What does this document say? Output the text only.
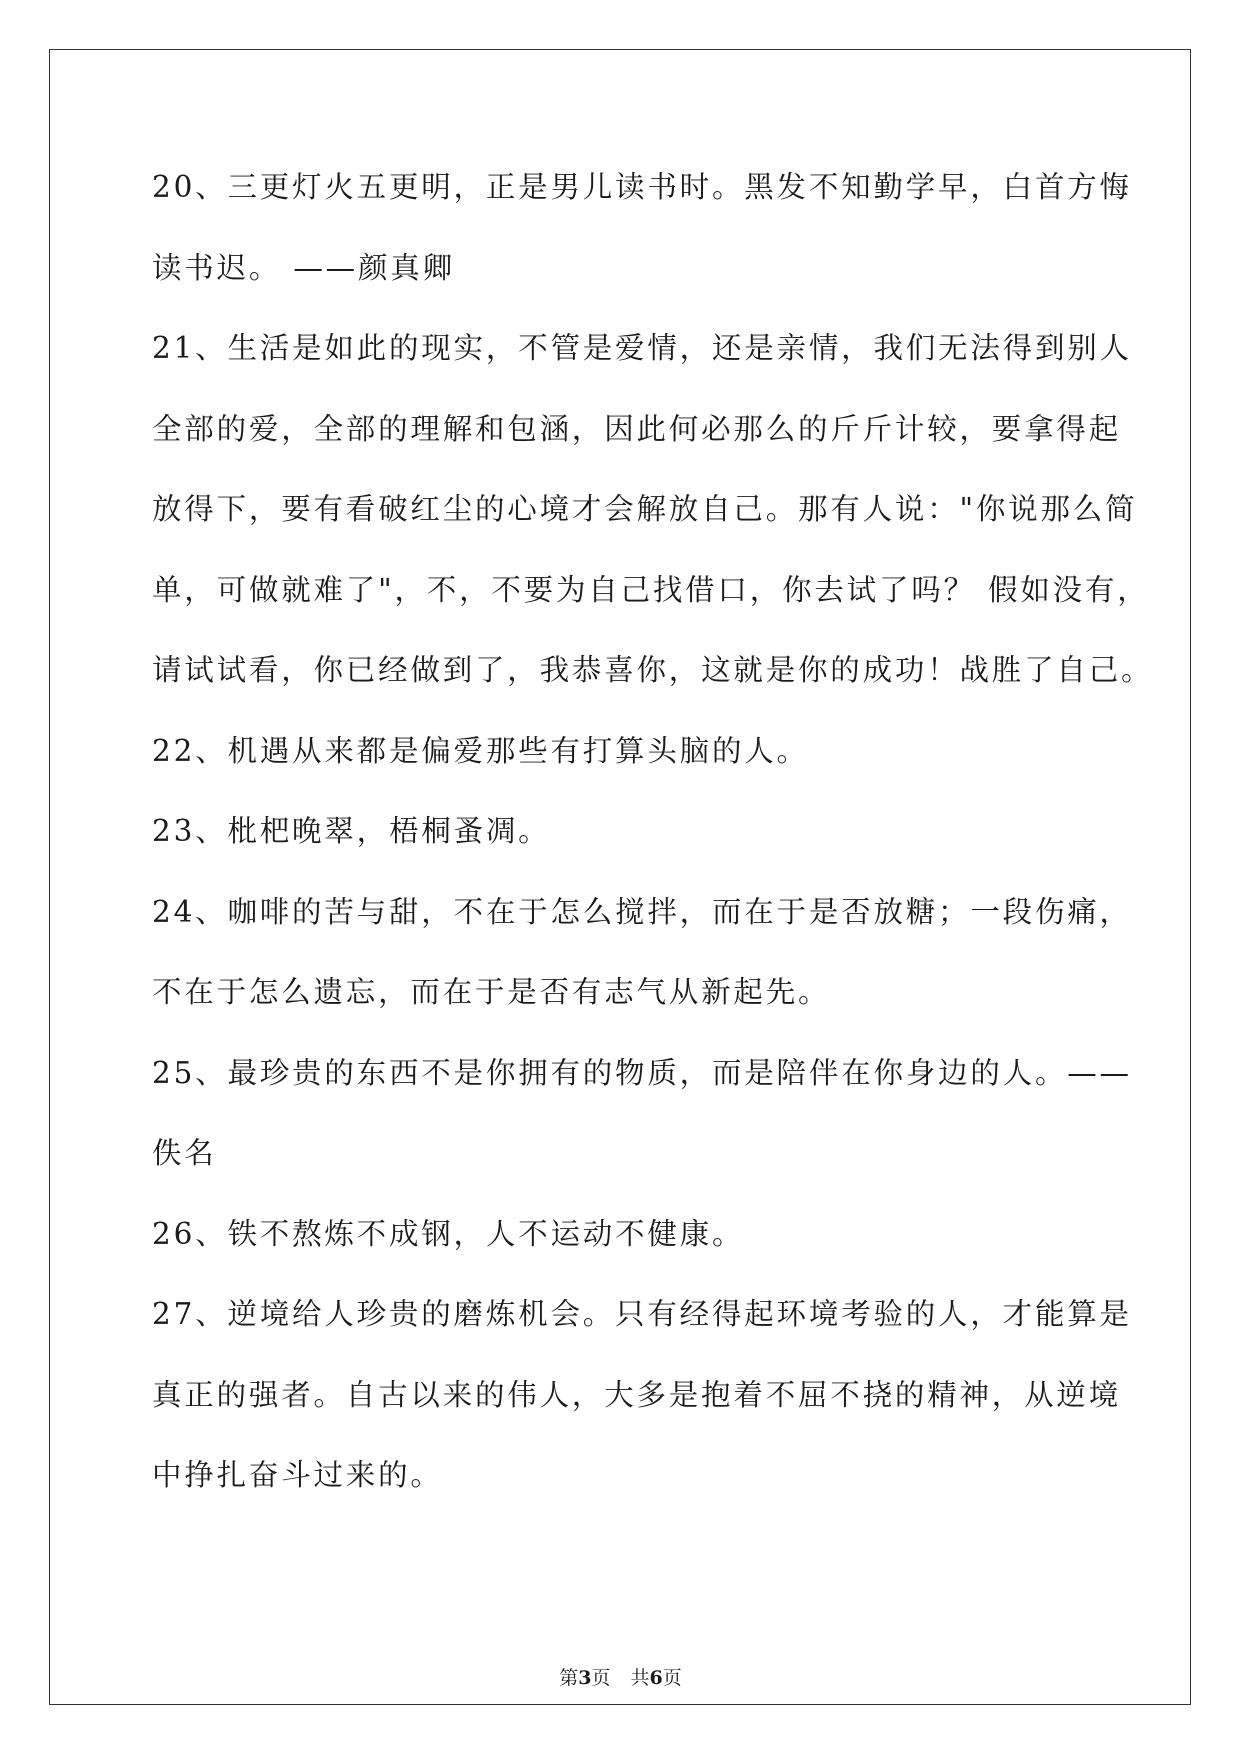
20、三更灯火五更明，正是男儿读书时。黑发不知勤学早，白首方悔
读书迟。 ——颜真卿
21、生活是如此的现实，不管是爱情，还是亲情，我们无法得到别人
全部的爱，全部的理解和包涵，因此何必那么的斤斤计较，要拿得起
放得下，要有看破红尘的心境才会解放自己。那有人说："你说那么简
单，可做就难了"，不，不要为自己找借口，你去试了吗？ 假如没有，
请试试看，你已经做到了，我恭喜你，这就是你的成功！战胜了自己。
22、机遇从来都是偏爱那些有打算头脑的人。
23、枇杷晚翠，梧桐蚤凋。
24、咖啡的苦与甜，不在于怎么搅拌，而在于是否放糖；一段伤痛，
不在于怎么遗忘，而在于是否有志气从新起先。
25、最珍贵的东西不是你拥有的物质，而是陪伴在你身边的人。——
佚名
26、铁不熬炼不成钢，人不运动不健康。
27、逆境给人珍贵的磨炼机会。只有经得起环境考验的人，才能算是
真正的强者。自古以来的伟人，大多是抱着不屈不挠的精神，从逆境
中挣扎奋斗过来的。
第3页 共6页
